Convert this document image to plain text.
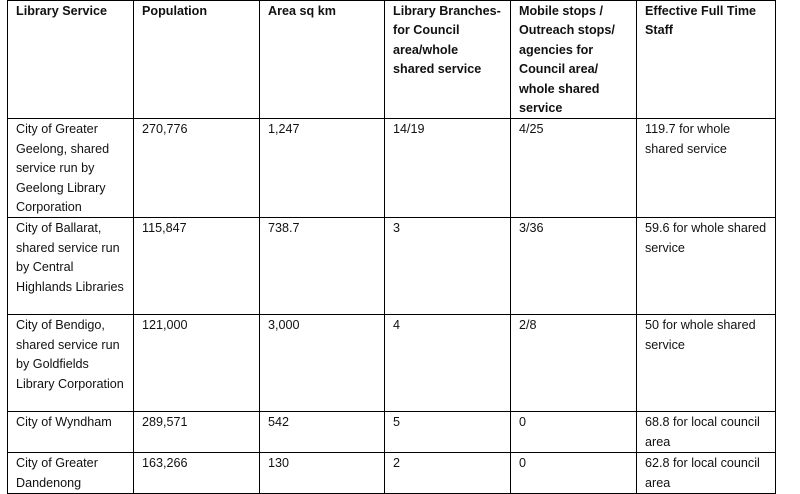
Library Service	Population	Area sq km	Library Branches- for Council area/whole shared service	Mobile stops / Outreach stops/ agencies for Council area/ whole shared service	Effective Full Time Staff
City of Greater Geelong, shared service run by Geelong Library Corporation	270,776	1,247	14/19	4/25	119.7 for whole shared service
City of Ballarat, shared service run by Central Highlands Libraries	115,847	738.7	3	3/36	59.6 for whole shared service
City of Bendigo, shared service run by Goldfields Library Corporation	121,000	3,000	4	2/8	50 for whole shared service
City of Wyndham	289,571	542	5	0	68.8 for local council area
City of Greater Dandenong	163,266	130	2	0	62.8 for local council area
